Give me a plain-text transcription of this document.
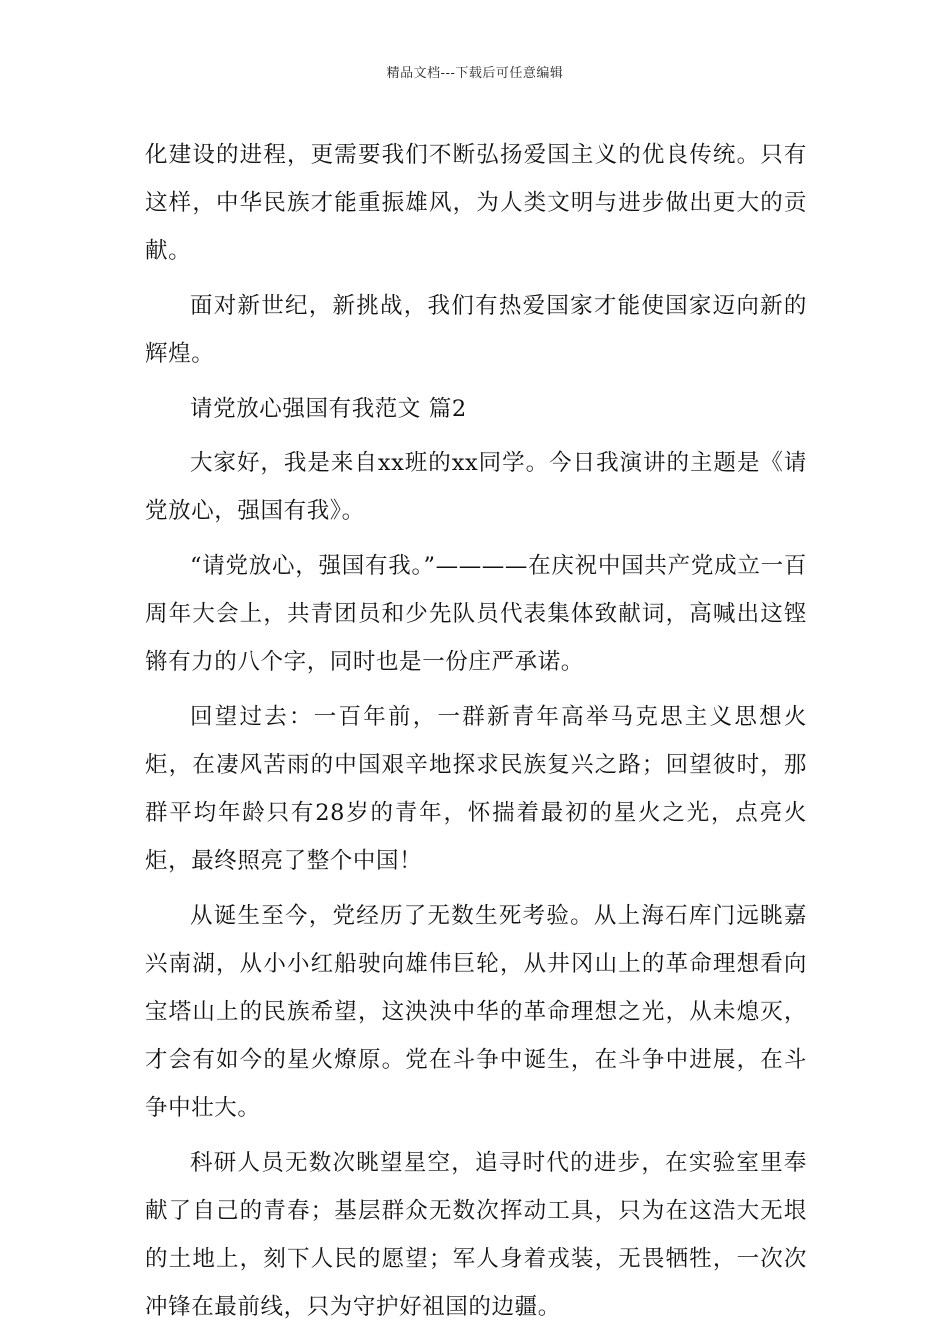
精品文档---下载后可任意编辑

化建设的进程，更需要我们不断弘扬爱国主义的优良传统。只有这样，中华民族才能重振雄风，为人类文明与进步做出更大的贡献。

面对新世纪，新挑战，我们有热爱国家才能使国家迈向新的辉煌。

请党放心强国有我范文 篇2

大家好，我是来自xx班的xx同学。今日我演讲的主题是《请党放心，强国有我》。

“请党放心，强国有我。”————在庆祝中国共产党成立一百周年大会上，共青团员和少先队员代表集体致献词，高喊出这铿锵有力的八个字，同时也是一份庄严承诺。

回望过去：一百年前，一群新青年高举马克思主义思想火炬，在凄风苦雨的中国艰辛地探求民族复兴之路；回望彼时，那群平均年龄只有28岁的青年，怀揣着最初的星火之光，点亮火炬，最终照亮了整个中国！

从诞生至今，党经历了无数生死考验。从上海石库门远眺嘉兴南湖，从小小红船驶向雄伟巨轮，从井冈山上的革命理想看向宝塔山上的民族希望，这泱泱中华的革命理想之光，从未熄灭，才会有如今的星火燎原。党在斗争中诞生，在斗争中进展，在斗争中壮大。

科研人员无数次眺望星空，追寻时代的进步，在实验室里奉献了自己的青春；基层群众无数次挥动工具，只为在这浩大无垠的土地上，刻下人民的愿望；军人身着戎装，无畏牺牲，一次次冲锋在最前线，只为守护好祖国的边疆。
